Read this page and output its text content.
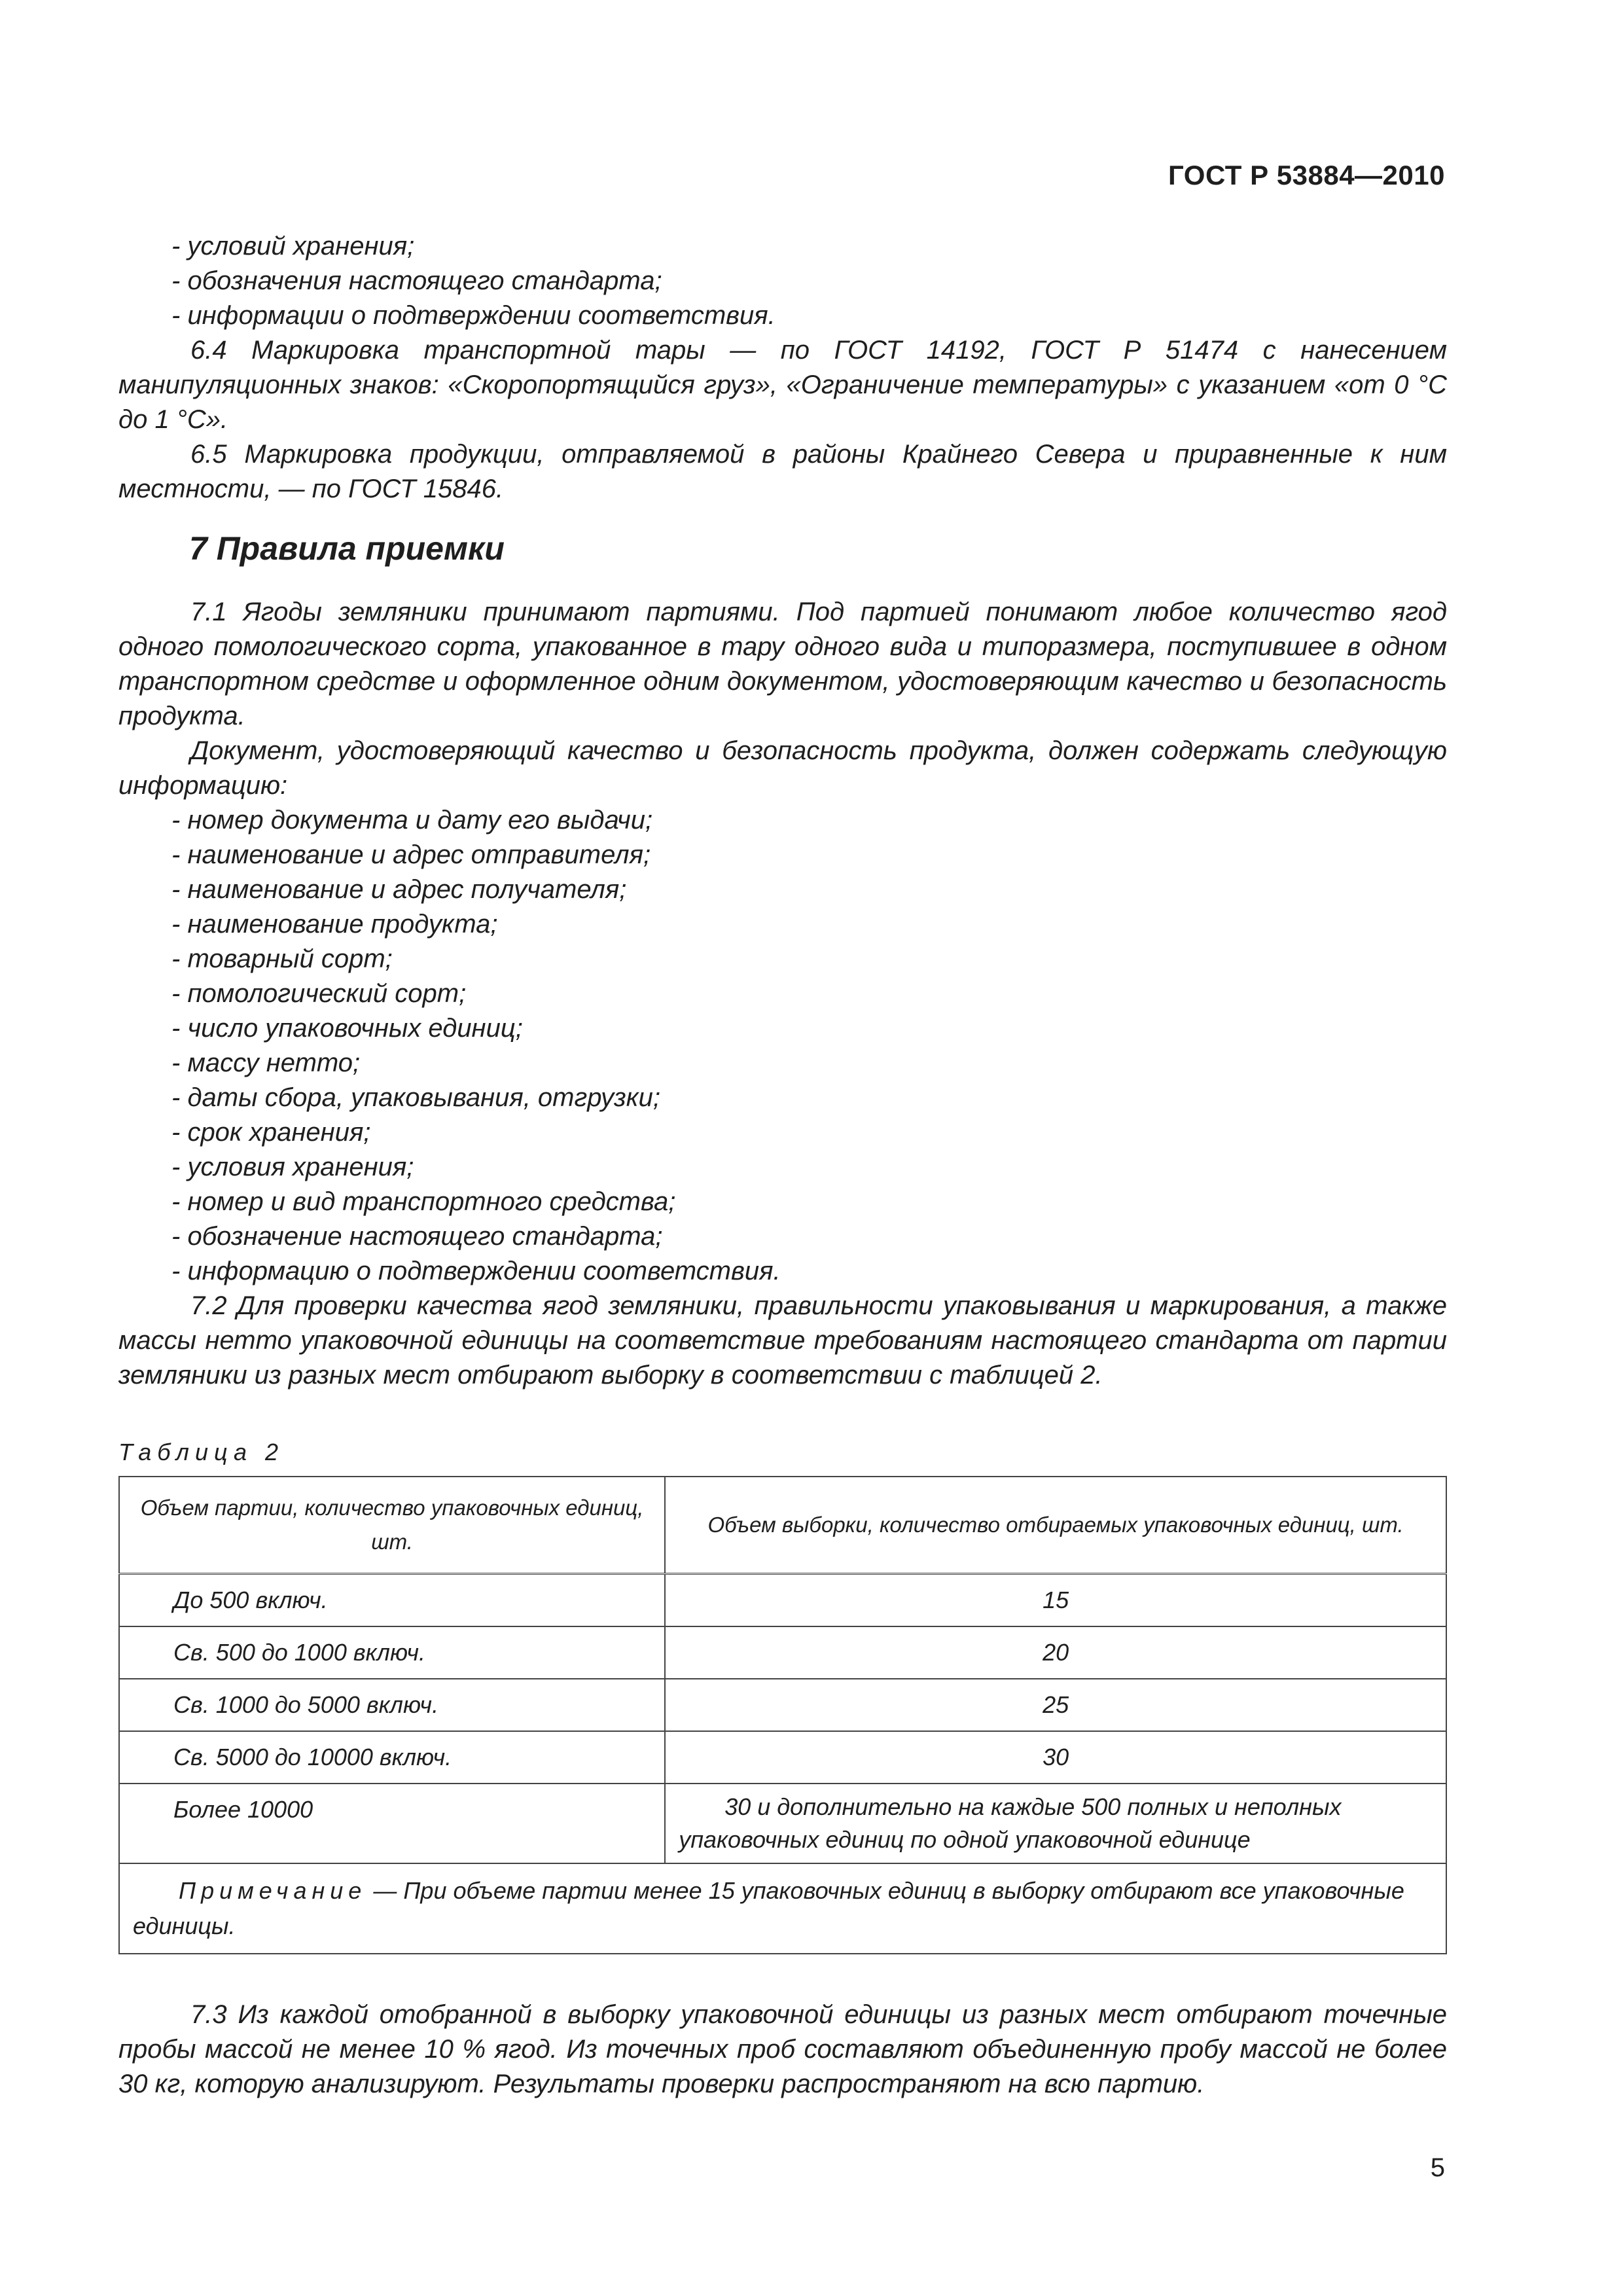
ГОСТ Р 53884—2010

- условий хранения;

- обозначения настоящего стандарта;

- информации о подтверждении соответствия.

6.4 Маркировка транспортной тары — по ГОСТ 14192, ГОСТ Р 51474 с нанесением манипуляционных знаков: «Скоропортящийся груз», «Ограничение температуры» с указанием «от 0 °С до 1 °С».

6.5 Маркировка продукции, отправляемой в районы Крайнего Севера и приравненные к ним местности, — по ГОСТ 15846.

7 Правила приемки

7.1 Ягоды земляники принимают партиями. Под партией понимают любое количество ягод одного помологического сорта, упакованное в тару одного вида и типоразмера, поступившее в одном транспортном средстве и оформленное одним документом, удостоверяющим качество и безопасность продукта.

Документ, удостоверяющий качество и безопасность продукта, должен содержать следующую информацию:

- номер документа и дату его выдачи;

- наименование и адрес отправителя;

- наименование и адрес получателя;

- наименование продукта;

- товарный сорт;

- помологический сорт;

- число упаковочных единиц;

- массу нетто;

- даты сбора, упаковывания, отгрузки;

- срок хранения;

- условия хранения;

- номер и вид транспортного средства;

- обозначение настоящего стандарта;

- информацию о подтверждении соответствия.

7.2 Для проверки качества ягод земляники, правильности упаковывания и маркирования, а также массы нетто упаковочной единицы на соответствие требованиям настоящего стандарта от партии земляники из разных мест отбирают выборку в соответствии с таблицей 2.

Таблица 2

Объем партии, количество упаковочных единиц, шт.	Объем выборки, количество отбираемых упаковочных единиц, шт.
До 500 включ.	15
Св. 500 до 1000 включ.	20
Св. 1000 до 5000 включ.	25
Св. 5000 до 10000 включ.	30
Более 10000	30 и дополнительно на каждые 500 полных и неполных упаковочных единиц по одной упаковочной единице
Примечание — При объеме партии менее 15 упаковочных единиц в выборку отбирают все упаковочные единицы.	

7.3 Из каждой отобранной в выборку упаковочной единицы из разных мест отбирают точечные пробы массой не менее 10 % ягод. Из точечных проб составляют объединенную пробу массой не более 30 кг, которую анализируют. Результаты проверки распространяют на всю партию.

5
